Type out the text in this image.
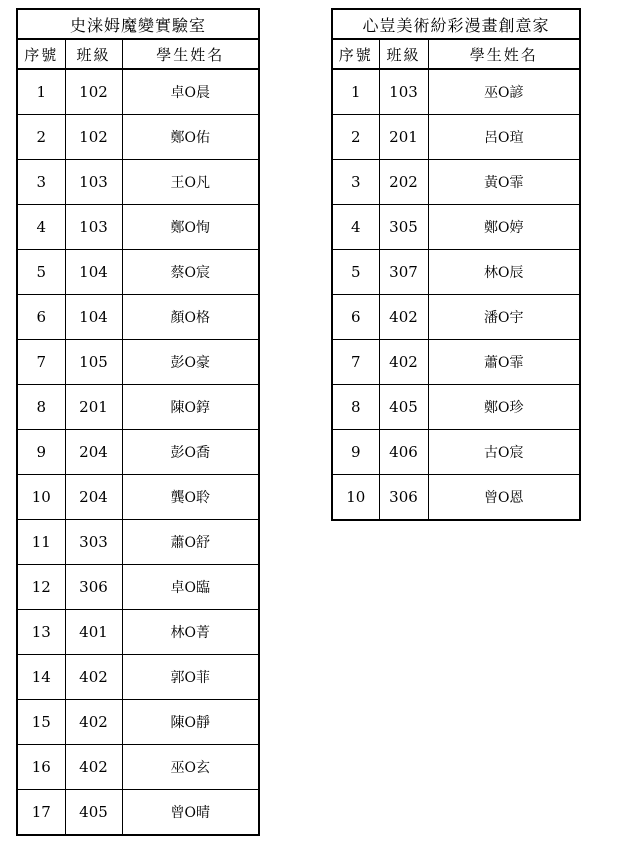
史涞姆魔變實驗室		
序號	班級	學生姓名
1	102	卓O晨
2	102	鄭O佑
3	103	王O凡
4	103	鄭O恂
5	104	蔡O宸
6	104	顏O格
7	105	彭O豪
8	201	陳O錞
9	204	彭O喬
10	204	龔O聆
11	303	蕭O舒
12	306	卓O臨
13	401	林O菁
14	402	郭O菲
15	402	陳O靜
16	402	巫O玄
17	405	曾O晴
心豈美術紛彩漫畫創意家		
序號	班級	學生姓名
1	103	巫O諺
2	201	呂O瑄
3	202	黃O霏
4	305	鄭O婷
5	307	林O辰
6	402	潘O宇
7	402	蕭O霏
8	405	鄭O珍
9	406	古O宸
10	306	曾O恩
